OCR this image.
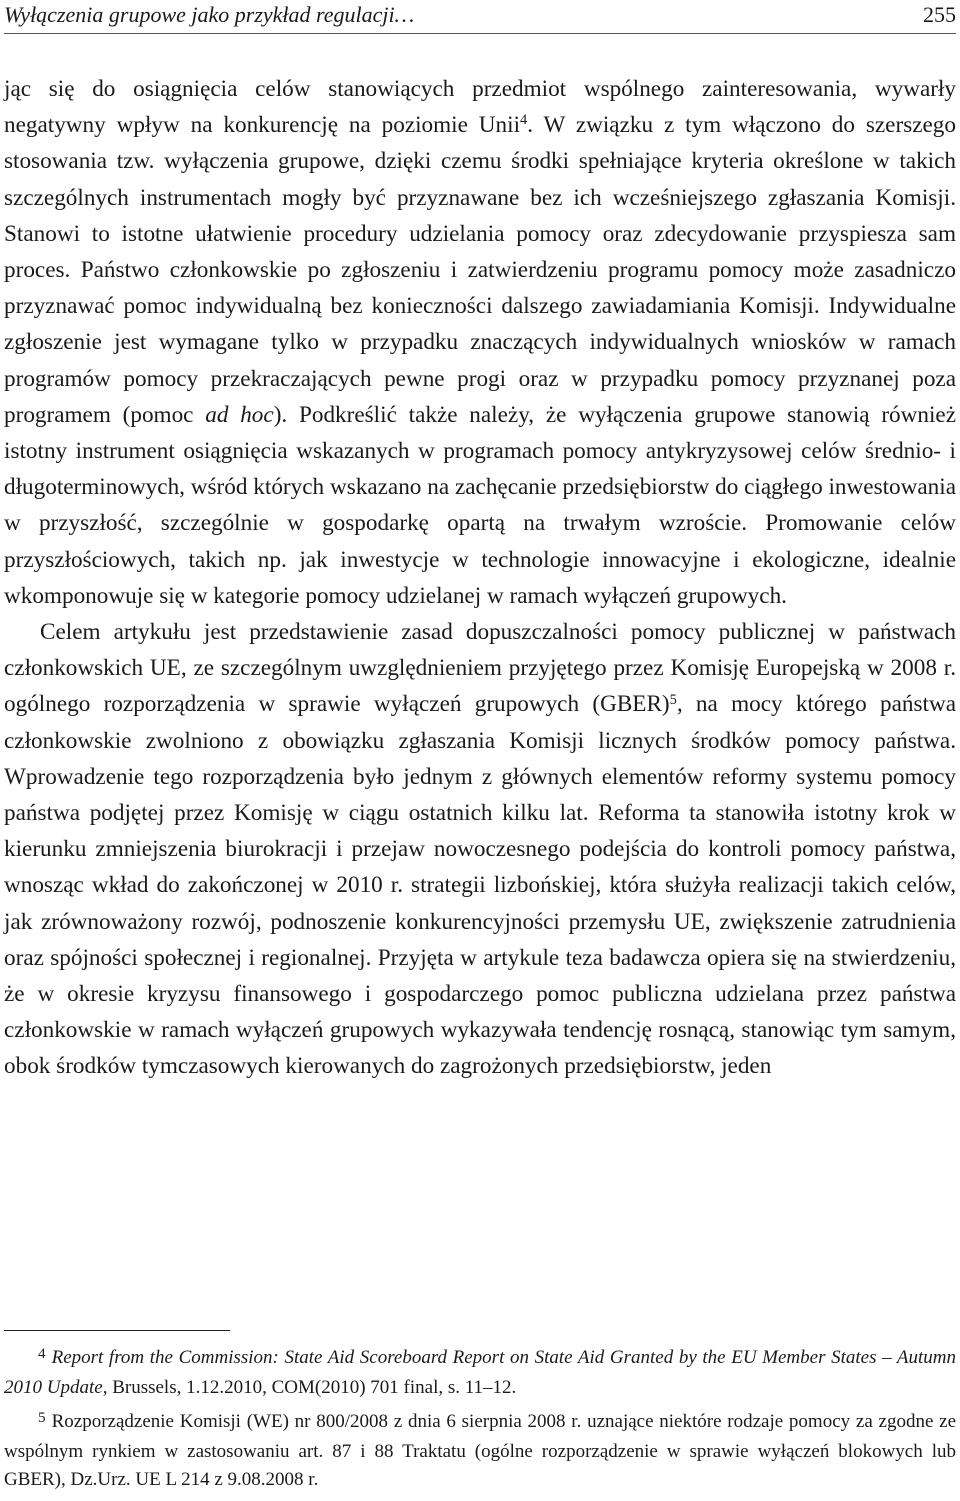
Wyłączenia grupowe jako przykład regulacji…	255

jąc się do osiągnięcia celów stanowiących przedmiot wspólnego zainteresowania, wywarły negatywny wpływ na konkurencję na poziomie Unii$^4$. W związku z tym włączono do szerszego stosowania tzw. wyłączenia grupowe, dzięki czemu środki spełniające kryteria określone w takich szczególnych instrumentach mogły być przyznawane bez ich wcześniejszego zgłaszania Komisji. Stanowi to istotne ułatwienie procedury udzielania pomocy oraz zdecydowanie przyspiesza sam proces. Państwo członkowskie po zgłoszeniu i zatwierdzeniu programu pomocy może zasadniczo przyznawać pomoc indywidualną bez konieczności dalszego zawiadamiania Komisji. Indywidualne zgłoszenie jest wymagane tylko w przypadku znaczących indywidualnych wniosków w ramach programów pomocy przekraczających pewne progi oraz w przypadku pomocy przyznanej poza programem (pomoc ad hoc). Podkreślić także należy, że wyłączenia grupowe stanowią również istotny instrument osiągnięcia wskazanych w programach pomocy antykryzysowej celów średnio- i długoterminowych, wśród których wskazano na zachęcanie przedsiębiorstw do ciągłego inwestowania w przyszłość, szczególnie w gospodarkę opartą na trwałym wzroście. Promowanie celów przyszłościowych, takich np. jak inwestycje w technologie innowacyjne i ekologiczne, idealnie wkomponowuje się w kategorie pomocy udzielanej w ramach wyłączeń grupowych.

Celem artykułu jest przedstawienie zasad dopuszczalności pomocy publicznej w państwach członkowskich UE, ze szczególnym uwzględnieniem przyjętego przez Komisję Europejską w 2008 r. ogólnego rozporządzenia w sprawie wyłączeń grupowych (GBER)$^5$, na mocy którego państwa członkowskie zwolniono z obowiązku zgłaszania Komisji licznych środków pomocy państwa. Wprowadzenie tego rozporządzenia było jednym z głównych elementów reformy systemu pomocy państwa podjętej przez Komisję w ciągu ostatnich kilku lat. Reforma ta stanowiła istotny krok w kierunku zmniejszenia biurokracji i przejaw nowoczesnego podejścia do kontroli pomocy państwa, wnosząc wkład do zakończonej w 2010 r. strategii lizbońskiej, która służyła realizacji takich celów, jak zrównoważony rozwój, podnoszenie konkurencyjności przemysłu UE, zwiększenie zatrudnienia oraz spójności społecznej i regionalnej. Przyjęta w artykule teza badawcza opiera się na stwierdzeniu, że w okresie kryzysu finansowego i gospodarczego pomoc publiczna udzielana przez państwa członkowskie w ramach wyłączeń grupowych wykazywała tendencję rosnącą, stanowiąc tym samym, obok środków tymczasowych kierowanych do zagrożonych przedsiębiorstw, jeden

$^4$ Report from the Commission: State Aid Scoreboard Report on State Aid Granted by the EU Member States – Autumn 2010 Update, Brussels, 1.12.2010, COM(2010) 701 final, s. 11–12.

$^5$ Rozporządzenie Komisji (WE) nr 800/2008 z dnia 6 sierpnia 2008 r. uznające niektóre rodzaje pomocy za zgodne ze wspólnym rynkiem w zastosowaniu art. 87 i 88 Traktatu (ogólne rozporządzenie w sprawie wyłączeń blokowych lub GBER), Dz.Urz. UE L 214 z 9.08.2008 r.
